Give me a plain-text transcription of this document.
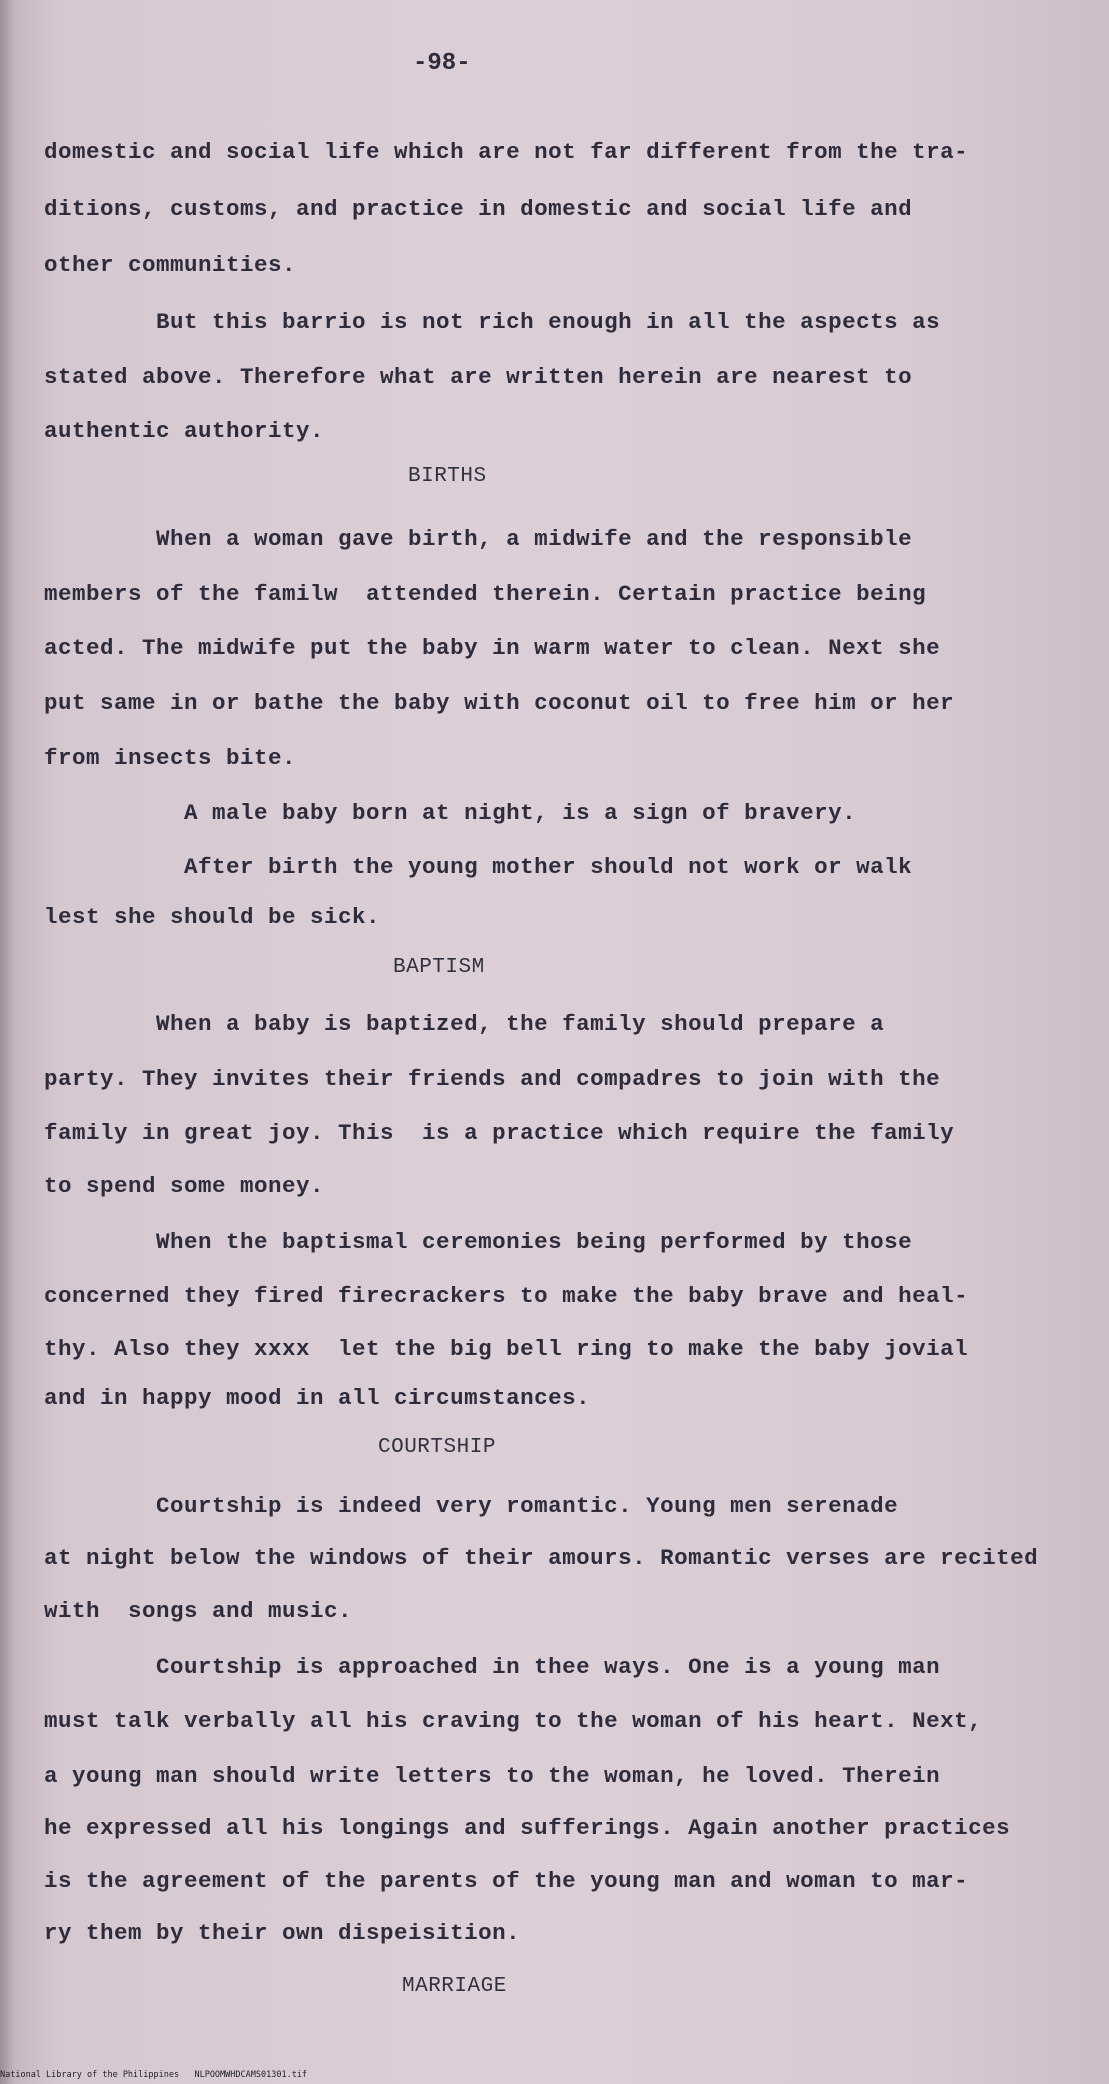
-98-
domestic and social life which are not far different from the tra-
ditions, customs, and practice in domestic and social life and
other communities.
But this barrio is not rich enough in all the aspects as
stated above. Therefore what are written herein are nearest to
authentic authority.
BIRTHS
When a woman gave birth, a midwife and the responsible
members of the familw  attended therein. Certain practice being
acted. The midwife put the baby in warm water to clean. Next she
put same in or bathe the baby with coconut oil to free him or her
from insects bite.
A male baby born at night, is a sign of bravery.
After birth the young mother should not work or walk
lest she should be sick.
BAPTISM
When a baby is baptized, the family should prepare a
party. They invites their friends and compadres to join with the
family in great joy. This  is a practice which require the family
to spend some money.
When the baptismal ceremonies being performed by those
concerned they fired firecrackers to make the baby brave and heal-
thy. Also they xxxx  let the big bell ring to make the baby jovial
and in happy mood in all circumstances.
COURTSHIP
Courtship is indeed very romantic. Young men serenade
at night below the windows of their amours. Romantic verses are recited
with  songs and music.
Courtship is approached in thee ways. One is a young man
must talk verbally all his craving to the woman of his heart. Next,
a young man should write letters to the woman, he loved. Therein
he expressed all his longings and sufferings. Again another practices
is the agreement of the parents of the young man and woman to mar-
ry them by their own dispeisition.
MARRIAGE
National Library of the Philippines   NLPOOMWHDCAMS01301.tif
